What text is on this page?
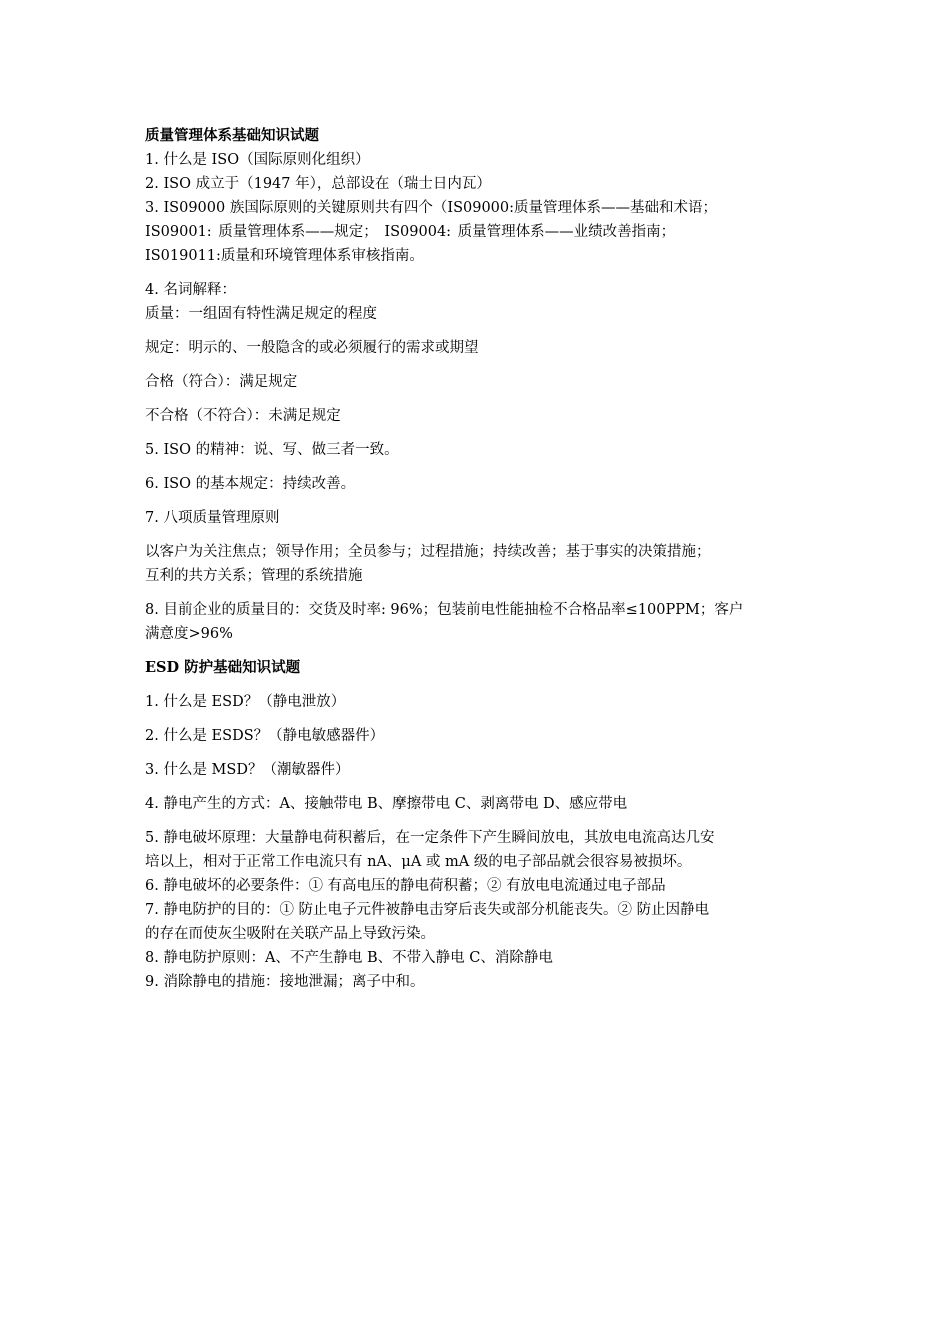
质量管理体系基础知识试题
1. 什么是 ISO（国际原则化组织）
2. ISO 成立于（1947 年），总部设在（瑞士日内瓦）
3. IS09000 族国际原则的关键原则共有四个（IS09000:质量管理体系——基础和术语；
IS09001: 质量管理体系——规定； IS09004: 质量管理体系——业绩改善指南；
IS019011:质量和环境管理体系审核指南。
4. 名词解释：
质量：一组固有特性满足规定的程度
规定：明示的、一般隐含的或必须履行的需求或期望
合格（符合）：满足规定
不合格（不符合）：未满足规定
5. ISO 的精神：说、写、做三者一致。
6. ISO 的基本规定：持续改善。
7. 八项质量管理原则
以客户为关注焦点；领导作用；全员参与；过程措施；持续改善；基于事实的决策措施；
互利的共方关系；管理的系统措施
8. 目前企业的质量目的：交货及时率: 96%；包装前电性能抽检不合格品率≤100PPM；客户
满意度>96%
ESD 防护基础知识试题
1. 什么是 ESD？（静电泄放）
2. 什么是 ESDS？（静电敏感器件）
3. 什么是 MSD？（潮敏器件）
4. 静电产生的方式：A、接触带电 B、摩擦带电 C、剥离带电 D、感应带电
5. 静电破坏原理：大量静电荷积蓄后，在一定条件下产生瞬间放电，其放电电流高达几安
培以上，相对于正常工作电流只有 nA、μA 或 mA 级的电子部品就会很容易被损坏。
6. 静电破坏的必要条件：① 有高电压的静电荷积蓄；② 有放电电流通过电子部品
7. 静电防护的目的：① 防止电子元件被静电击穿后丧失或部分机能丧失。② 防止因静电
的存在而使灰尘吸附在关联产品上导致污染。
8. 静电防护原则：A、不产生静电 B、不带入静电 C、消除静电
9. 消除静电的措施：接地泄漏；离子中和。
